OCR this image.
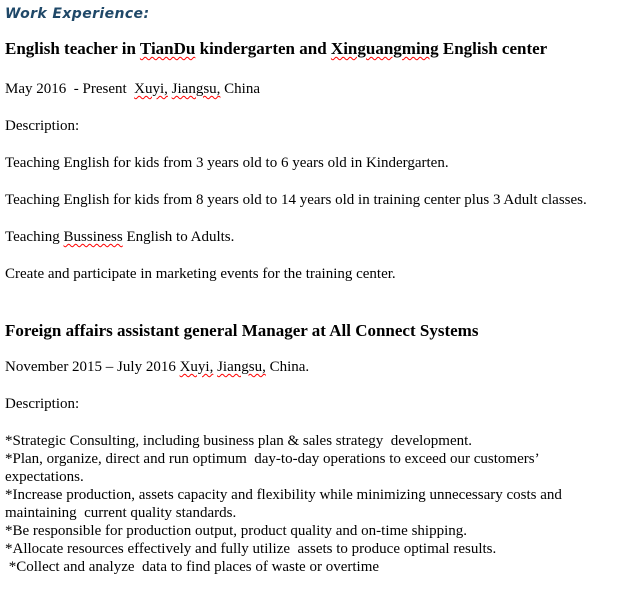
Work Experience:

English teacher in TianDu kindergarten and Xinguangming English center

May 2016  - Present  Xuyi, Jiangsu, China

Description:

Teaching English for kids from 3 years old to 6 years old in Kindergarten.

Teaching English for kids from 8 years old to 14 years old in training center plus 3 Adult classes.

Teaching Bussiness English to Adults.

Create and participate in marketing events for the training center.

Foreign affairs assistant general Manager at All Connect Systems

November 2015 – July 2016 Xuyi, Jiangsu, China.

Description:

*Strategic Consulting, including business plan & sales strategy  development.

*Plan, organize, direct and run optimum  day-to-day operations to exceed our customers’ expectations.

*Increase production, assets capacity and flexibility while minimizing unnecessary costs and maintaining  current quality standards.

*Be responsible for production output, product quality and on-time shipping.

*Allocate resources effectively and fully utilize  assets to produce optimal results.

*Collect and analyze  data to find places of waste or overtime
